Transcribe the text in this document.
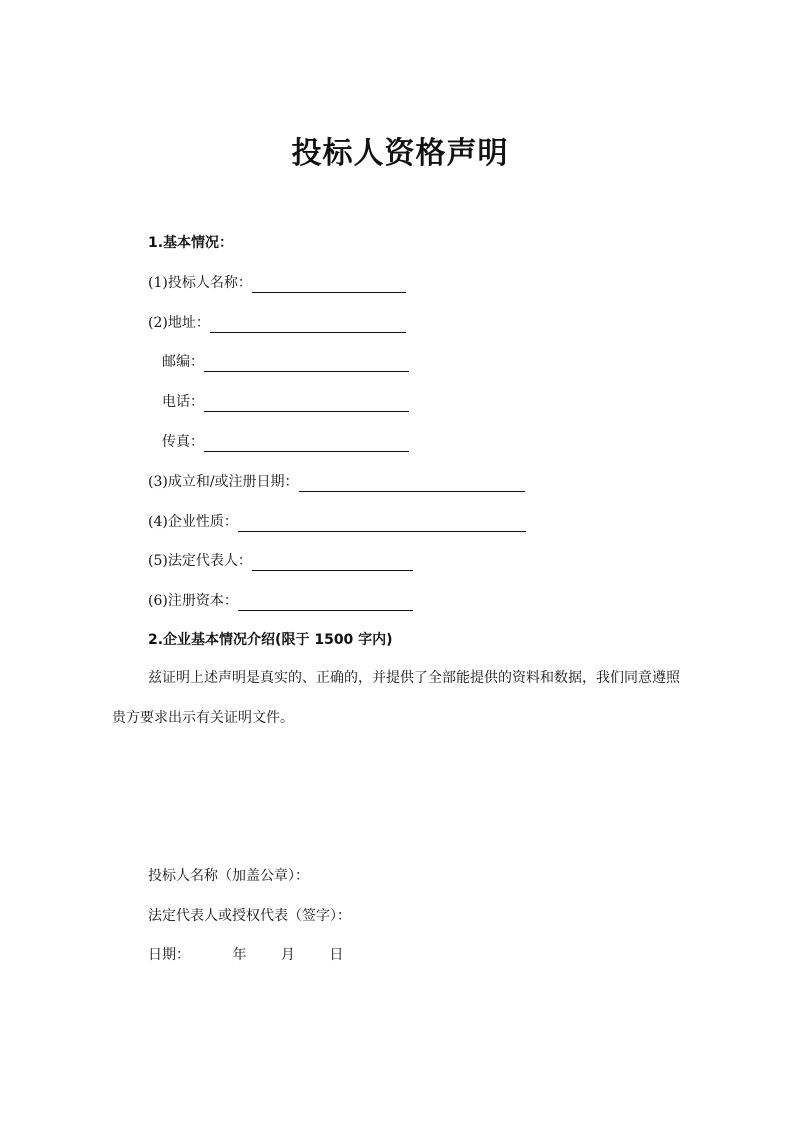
投标人资格声明
1.基本情况：
(1)投标人名称：
(2)地址：
邮编：
电话：
传真：
(3)成立和/或注册日期：
(4)企业性质：
(5)法定代表人：
(6)注册资本：
2.企业基本情况介绍(限于 1500 字内)
兹证明上述声明是真实的、正确的，并提供了全部能提供的资料和数据，我们同意遵照
贵方要求出示有关证明文件。
投标人名称（加盖公章）：
法定代表人或授权代表（签字）：
日期：	年 月 日
